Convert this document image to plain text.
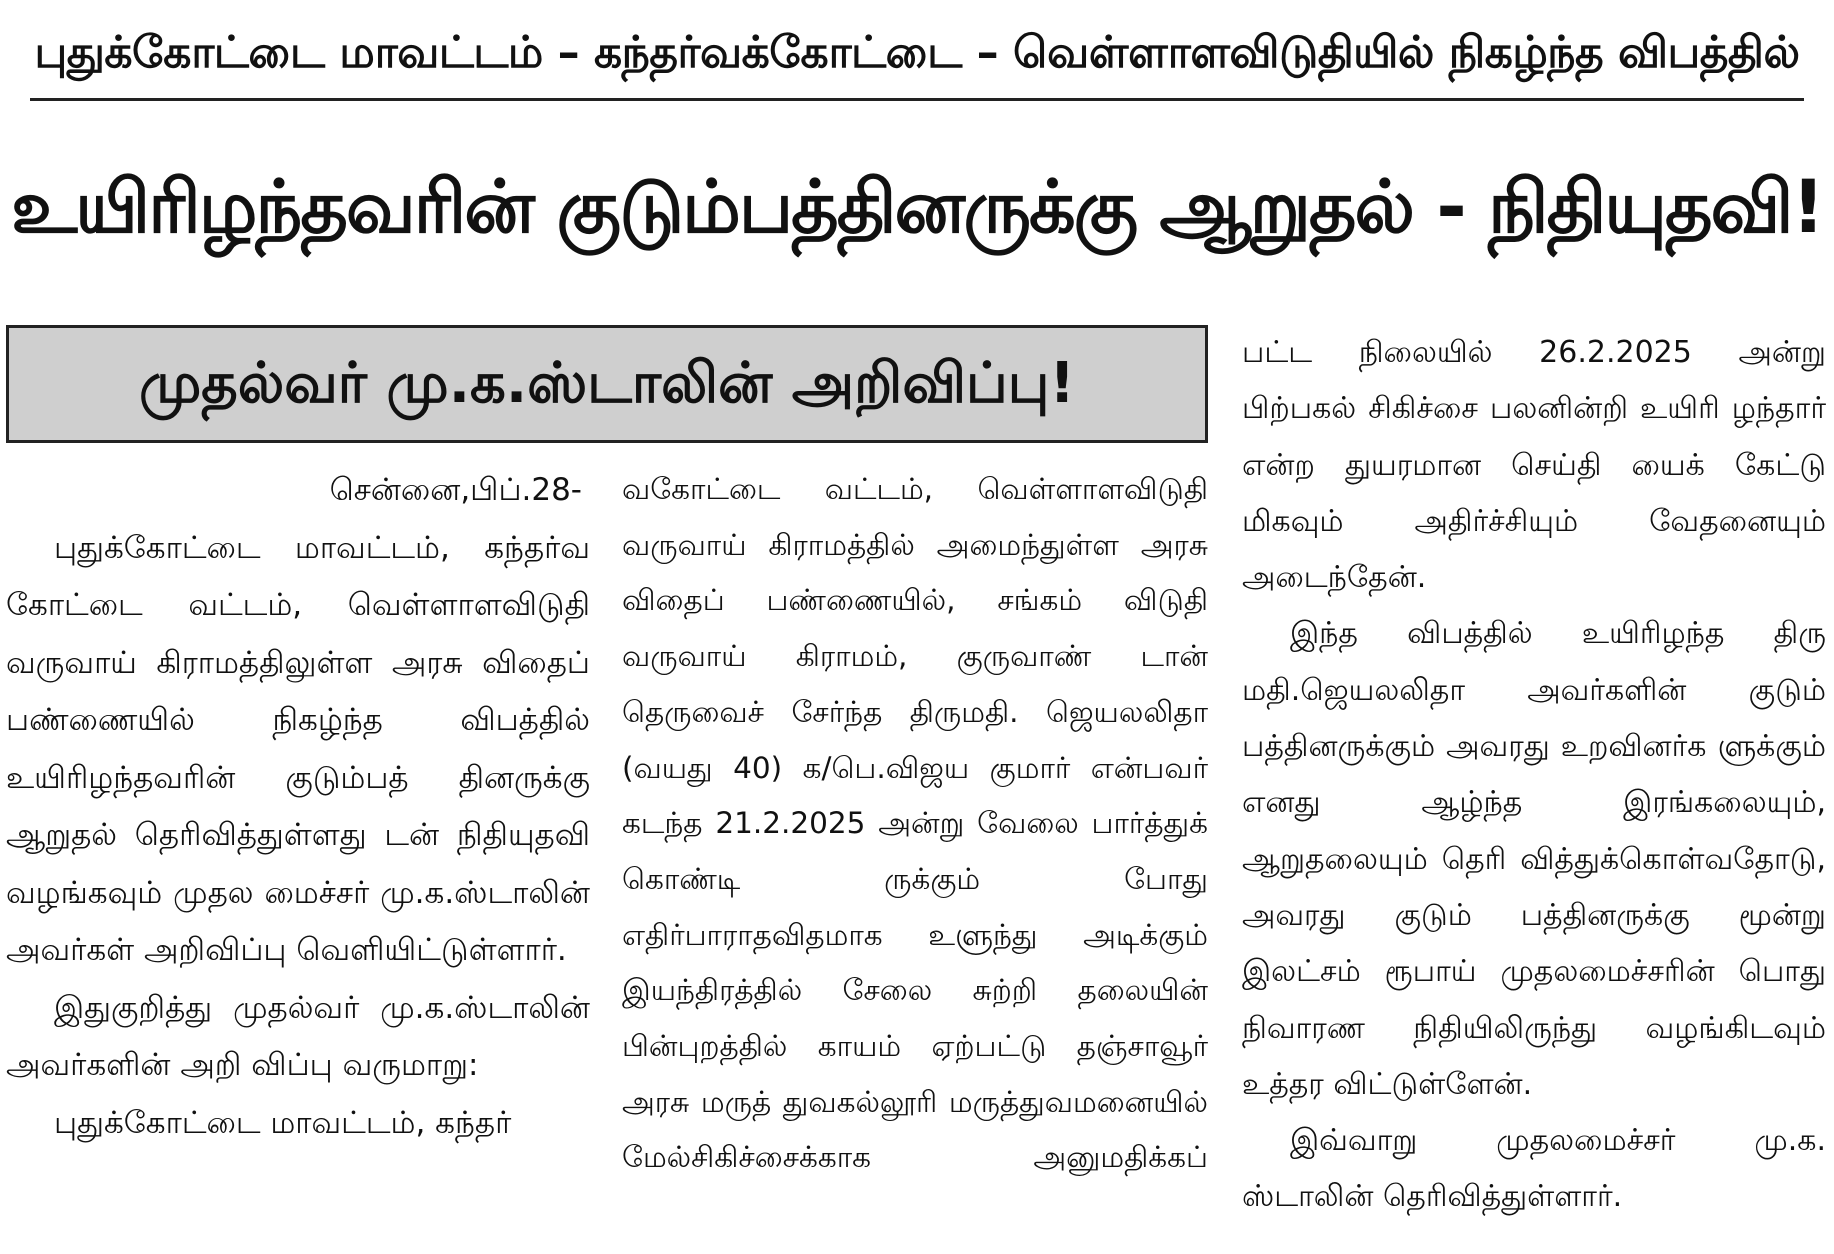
புதுக்கோட்டை மாவட்டம் – கந்தர்வக்கோட்டை – வெள்ளாளவிடுதியில் நிகழ்ந்த விபத்தில்
உயிரிழந்தவரின் குடும்பத்தினருக்கு ஆறுதல் - நிதியுதவி!
முதல்வர் மு.க.ஸ்டாலின் அறிவிப்பு!

சென்னை,பிப்.28-

புதுக்கோட்டை மாவட்டம், கந்தர்வ கோட்டை வட்டம், வெள்ளாளவிடுதி வருவாய் கிராமத்திலுள்ள அரசு விதைப் பண்ணையில் நிகழ்ந்த விபத்தில் உயிரிழந்தவரின் குடும்பத் தினருக்கு ஆறுதல் தெரிவித்துள்ளது டன் நிதியுதவி வழங்கவும் முதல மைச்சர் மு.க.ஸ்டாலின் அவர்கள் அறிவிப்பு வெளியிட்டுள்ளார்.

இதுகுறித்து முதல்வர் மு.க.ஸ்டாலின் அவர்களின் அறி விப்பு வருமாறு:

புதுக்கோட்டை மாவட்டம், கந்தர்

வகோட்டை வட்டம், வெள்ளாளவிடுதி வருவாய் கிராமத்தில் அமைந்துள்ள அரசு விதைப் பண்ணையில், சங்கம் விடுதி வருவாய் கிராமம், குருவாண் டான் தெருவைச் சேர்ந்த திருமதி. ஜெயலலிதா (வயது 40) க/பெ.விஜய குமார் என்பவர் கடந்த 21.2.2025 அன்று வேலை பார்த்துக் கொண்டி ருக்கும் போது எதிர்பாராதவிதமாக உளுந்து அடிக்கும் இயந்திரத்தில் சேலை சுற்றி தலையின் பின்புறத்தில் காயம் ஏற்பட்டு தஞ்சாவூர் அரசு மருத் துவகல்லூரி மருத்துவமனையில் மேல்சிகிச்சைக்காக அனுமதிக்கப்

பட்ட நிலையில் 26.2.2025 அன்று பிற்பகல் சிகிச்சை பலனின்றி உயிரி ழந்தார் என்ற துயரமான செய்தி யைக் கேட்டு மிகவும் அதிர்ச்சியும் வேதனையும் அடைந்தேன்.

இந்த விபத்தில் உயிரிழந்த திரு மதி.ஜெயலலிதா அவர்களின் குடும் பத்தினருக்கும் அவரது உறவினர்க ளுக்கும் எனது ஆழ்ந்த இரங்கலையும், ஆறுதலையும் தெரி வித்துக்கொள்வதோடு, அவரது குடும் பத்தினருக்கு மூன்று இலட்சம் ரூபாய் முதலமைச்சரின் பொது நிவாரண நிதியிலிருந்து வழங்கிடவும் உத்தர விட்டுள்ளேன்.

இவ்வாறு முதலமைச்சர் மு.க. ஸ்டாலின் தெரிவித்துள்ளார்.
